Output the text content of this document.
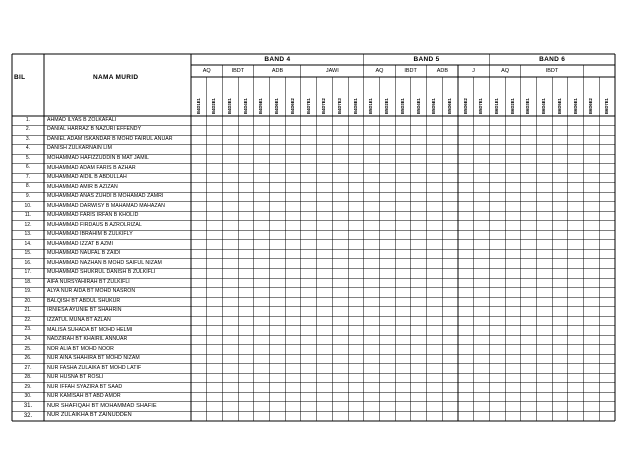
BIL	NAMA MURID
BAND 4	BAND 5	BAND 6
AQ	IBDT	ADB	JAWI	AQ	IBDT	ADB	J	AQ	IBDT
B4D1E1	B4D2E1	B4D3E1	B4D4E1	B4D5E1	B4D6E1	B4D6E2	B4D7E1	B4D7E2	B4D7E3	B4D8E1	B5D1E1	B5D2E1	B5D3E1	B5D4E1	B5D5E1	B5D6E1	B5D6E2	B5D7E1	B6D1E1	B6D2E1	B6D3E1	B6D4E1	B6D5E1	B6D6E1	B6D6E2	B6D7E1
1.	AHMAD ILYAS B ZOLKAFALI
2.	DANIAL HARRAZ B NAZURI EFFENDY
3.	DANIEL ADAM ISKANDAR B MOHD FAIRUL ANUAR
4.	DANISH ZULKARNAIN LIM
5.	MOHAMMAD HAFIZZUDDIN B MAT JAMIL
6.	MUHAMMAD ADAM FARIS B AZHAR
7.	MUHAMMAD AIDIL B ABDULLAH
8.	MUHAMMAD AMIR B AZIZAN
9.	MUHAMMAD ANAS ZUHDI B MOHAMAD ZAMRI
10.	MUHAMMAD DARWISY B MAHAMAD MAHAZAN
11.	MUHAMMAD FARIS IRFAN B KHOLID
12.	MUHAMMAD FIRDAUS B AZROLRIZAL
13.	MUHAMMAD IBRAHIM B ZULKIFLY
14.	MUHAMMAD IZZAT B AZMI
15.	MUHAMMAD NAUFAL B ZAIDI
16.	MUHAMMAD NAZHAN B MOHD SAIFUL NIZAM
17.	MUHAMMAD SHUKRUL DANISH B ZULKIFLI
18.	AIFA NURSYAHIRAH BT ZULKIFLI
19.	ALYA NUR AIDA BT MOHD NASRON
20.	BALQISH BT ABDUL SHUKUR
21.	IRNIESA AYUNIE BT SHAHRIN
22.	IZZATUL MUNA BT AZLAN
23.	MALISA SUHADA BT MOHD HELMI
24.	NADZIRAH BT KHAIRIL ANNUAR
25.	NOR ALIA BT MOHD NOOR
26.	NUR AINA SHAHIRA BT MOHD NIZAM
27.	NUR FASHA ZULAIKA BT MOHD LATIF
28.	NUR HUSNA BT ROSLI
29.	NUR IFFAH SYAZIRA BT SAAD
30.	NUR KAMISAH BT ABD AMOR
31.	NUR SHAFIQAH BT MOHAMMAD SHAFIE
32.	NUR ZULAIKHA BT ZAINUDDEN
